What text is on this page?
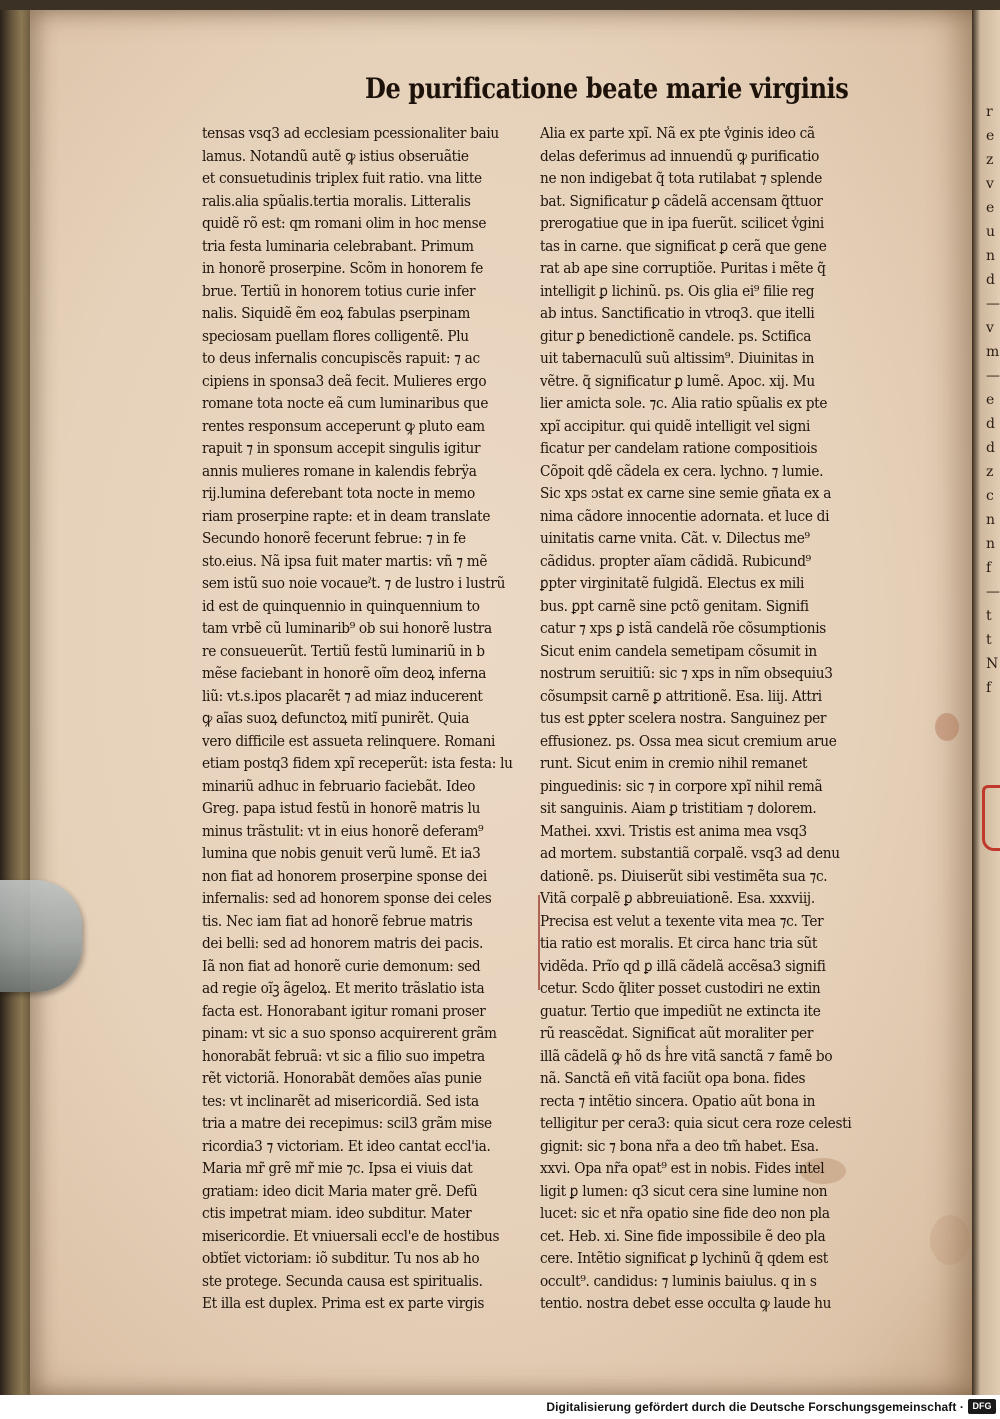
r
e
z
v
e
u
n
d
—
v
m
—
e
d
d
z
c
n
n
f
—
t
t
N
f
De purificatione beate marie virginis
tensas vsq3 ad ecclesiam pcessionaliter baiu
lamus. Notandũ autẽ ꝙ istius obseruãtie
et consuetudinis triplex fuit ratio. vna litte
ralis.alia spũalis.tertia moralis. Litteralis
quidẽ rõ est: qm romani olim in hoc mense
tria festa luminaria celebrabant. Primum
in honorẽ proserpine. Scõm in honorem fe
brue. Tertiũ in honorem totius curie infer
nalis. Siquidẽ ẽm eoꝝ fabulas pserpinam
speciosam puellam flores colligentẽ. Plu
to deus infernalis concupiscẽs rapuit: ⁊ ac
cipiens in sponsa3 deã fecit. Mulieres ergo
romane tota nocte eã cum luminaribus que
rentes responsum acceperunt ꝙ pluto eam
rapuit ⁊ in sponsum accepit singulis igitur
annis mulieres romane in kalendis febrÿa
rij.lumina deferebant tota nocte in memo
riam proserpine rapte: et in deam translate
Secundo honorẽ fecerunt februe: ⁊ in fe
sto.eius. Nã ipsa fuit mater martis: vñ ⁊ mẽ
sem istũ suo noie vocaueˀt. ⁊ de lustro i lustrũ
id est de quinquennio in quinquennium to
tam vrbẽ cũ luminarib⁹ ob sui honorẽ lustra
re consueuerũt. Tertiũ festũ luminariũ in b
mẽse faciebant in honorẽ oĩm deoꝝ inferna
liũ: vt.s.ipos placarẽt ⁊ ad miaz inducerent
ꝙ aĩas suoꝝ defunctoꝝ mitĩ punirẽt. Quia
vero difficile est assueta relinquere. Romani
etiam postq3 fidem xpĩ receperũt: ista festa: lu
minariũ adhuc in februario faciebãt. Ideo
Greg. papa istud festũ in honorẽ matris lu
minus trãstulit: vt in eius honorẽ deferam⁹
lumina que nobis genuit verũ lumẽ. Et ia3
non fiat ad honorem proserpine sponse dei
infernalis: sed ad honorem sponse dei celes
tis. Nec iam fiat ad honorẽ februe matris
dei belli: sed ad honorem matris dei pacis.
Iã non fiat ad honorẽ curie demonum: sed
ad regie oĩꝫ ãgeloꝝ. Et merito trãslatio ista
facta est. Honorabant igitur romani proser
pinam: vt sic a suo sponso acquirerent grãm
honorabãt februã: vt sic a filio suo impetra
rẽt victoriã. Honorabãt demões aĩas punie
tes: vt inclinarẽt ad misericordiã. Sed ista
tria a matre dei recepimus: scil3 grãm mise
ricordia3 ⁊ victoriam. Et ideo cantat eccl'ia.
Maria mr̃ grẽ mr̃ mie ⁊c. Ipsa ei viuis dat
gratiam: ideo dicit Maria mater grẽ. Defũ
ctis impetrat miam. ideo subditur. Mater
misericordie. Et vniuersali eccl'e de hostibus
obtĩet victoriam: iõ subditur. Tu nos ab ho
ste protege. Secunda causa est spiritualis.
Et illa est duplex. Prima est ex parte virgis
Alia ex parte xpĩ. Nã ex pte v̾ginis ideo cã
delas deferimus ad innuendũ ꝙ purificatio
ne non indigebat q̃ tota rutilabat ⁊ splende
bat. Significatur ꝑ cãdelã accensam q̃ttuor
prerogatiue que in ipa fuerũt. scilicet v̾gini
tas in carne. que significat ꝑ cerã que gene
rat ab ape sine corruptiõe. Puritas i mẽte q̃
intelligit ꝑ lichinũ. ps. Ois glia ei⁹ filie reg
ab intus. Sanctificatio in vtroq3. que itelli
gitur ꝑ benedictionẽ candele. ps. Sctifica
uit tabernaculũ suũ altissim⁹. Diuinitas in
vẽtre. q̃ significatur ꝑ lumẽ. Apoc. xij. Mu
lier amicta sole. ⁊c. Alia ratio spũalis ex pte
xpĩ accipitur. qui quidẽ intelligit vel signi
ficatur per candelam ratione compositiois
Cõpoit qdẽ cãdela ex cera. lychno. ⁊ lumie.
Sic xps ɔstat ex carne sine semie gñata ex a
nima cãdore innocentie adornata. et luce di
uinitatis carne vnita. Cãt. v. Dilectus me⁹
cãdidus. propter aĩam cãdidã. Rubicund⁹
ꝑpter virginitatẽ fulgidã. Electus ex mili
bus. ꝑpt carnẽ sine pctõ genitam. Signifi
catur ⁊ xps ꝑ istã candelã rõe cõsumptionis
Sicut enim candela semetipam cõsumit in
nostrum seruitiũ: sic ⁊ xps in nĩm obsequiu3
cõsumpsit carnẽ ꝑ attritionẽ. Esa. liij. Attri
tus est ꝑpter scelera nostra. Sanguinez per
effusionez. ps. Ossa mea sicut cremium arue
runt. Sicut enim in cremio nihil remanet
pinguedinis: sic ⁊ in corpore xpĩ nihil remã
sit sanguinis. Aiam ꝑ tristitiam ⁊ dolorem.
Mathei. xxvi. Tristis est anima mea vsq3
ad mortem. substantiã corpalẽ. vsq3 ad denu
dationẽ. ps. Diuiserũt sibi vestimẽta sua ⁊c.
Vitã corpalẽ ꝑ abbreuiationẽ. Esa. xxxviij.
Precisa est velut a texente vita mea ⁊c. Ter
tia ratio est moralis. Et circa hanc tria sũt
vidẽda. Prĩo qd ꝑ illã cãdelã accẽsa3 signifi
cetur. Scdo q̃liter posset custodiri ne extin
guatur. Tertio que impediũt ne extincta ite
rũ reascẽdat. Significat aũt moraliter per
illã cãdelã ꝙ hõ ds h̾re vitã sanctã ⁊ famẽ bo
nã. Sanctã eñ vitã faciũt opa bona. fides
recta ⁊ intẽtio sincera. Opatio aũt bona in
telligitur per cera3: quia sicut cera roze celesti
gignit: sic ⁊ bona nr̃a a deo tm̃ habet. Esa.
xxvi. Opa nr̃a opat⁹ est in nobis. Fides intel
ligit ꝑ lumen: q3 sicut cera sine lumine non
lucet: sic et nr̃a opatio sine fide deo non pla
cet. Heb. xi. Sine fide impossibile ẽ deo pla
cere. Intẽtio significat ꝑ lychinũ q̃ qdem est
occult⁹. candidus: ⁊ luminis baiulus. q in s
tentio. nostra debet esse occulta ꝙ laude hu
Digitalisierung gefördert durch die Deutsche Forschungsgemeinschaft · DFG
